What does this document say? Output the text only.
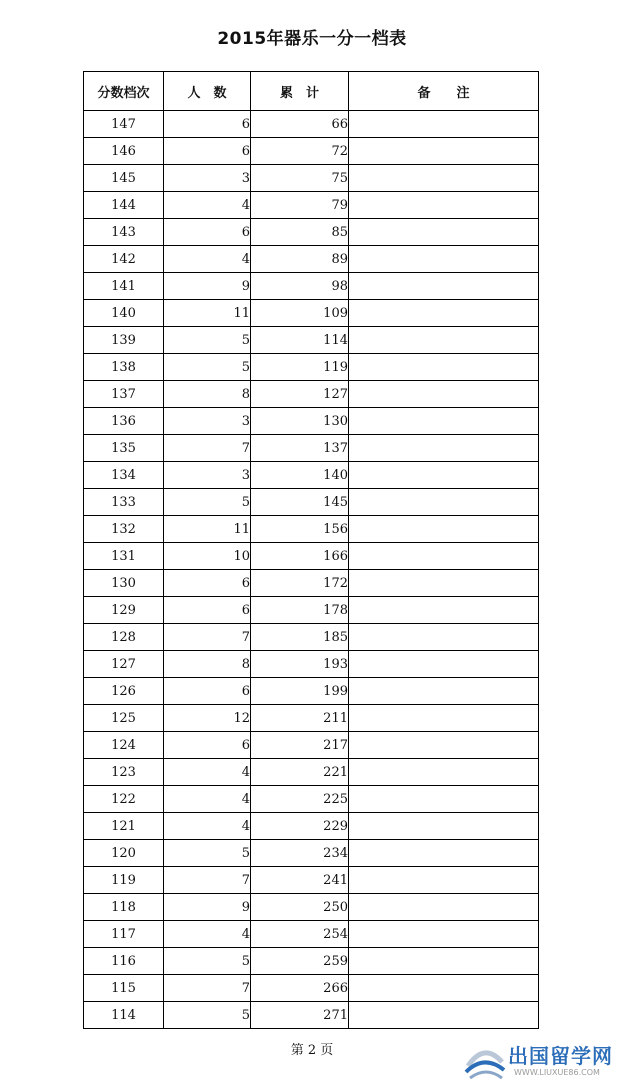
2015年器乐一分一档表
分数档次	人　数	累　计	备　　注
147	6	66	
146	6	72	
145	3	75	
144	4	79	
143	6	85	
142	4	89	
141	9	98	
140	11	109	
139	5	114	
138	5	119	
137	8	127	
136	3	130	
135	7	137	
134	3	140	
133	5	145	
132	11	156	
131	10	166	
130	6	172	
129	6	178	
128	7	185	
127	8	193	
126	6	199	
125	12	211	
124	6	217	
123	4	221	
122	4	225	
121	4	229	
120	5	234	
119	7	241	
118	9	250	
117	4	254	
116	5	259	
115	7	266	
114	5	271	
第 2 页	出国留学网
WWW.LIUXUE86.COM
